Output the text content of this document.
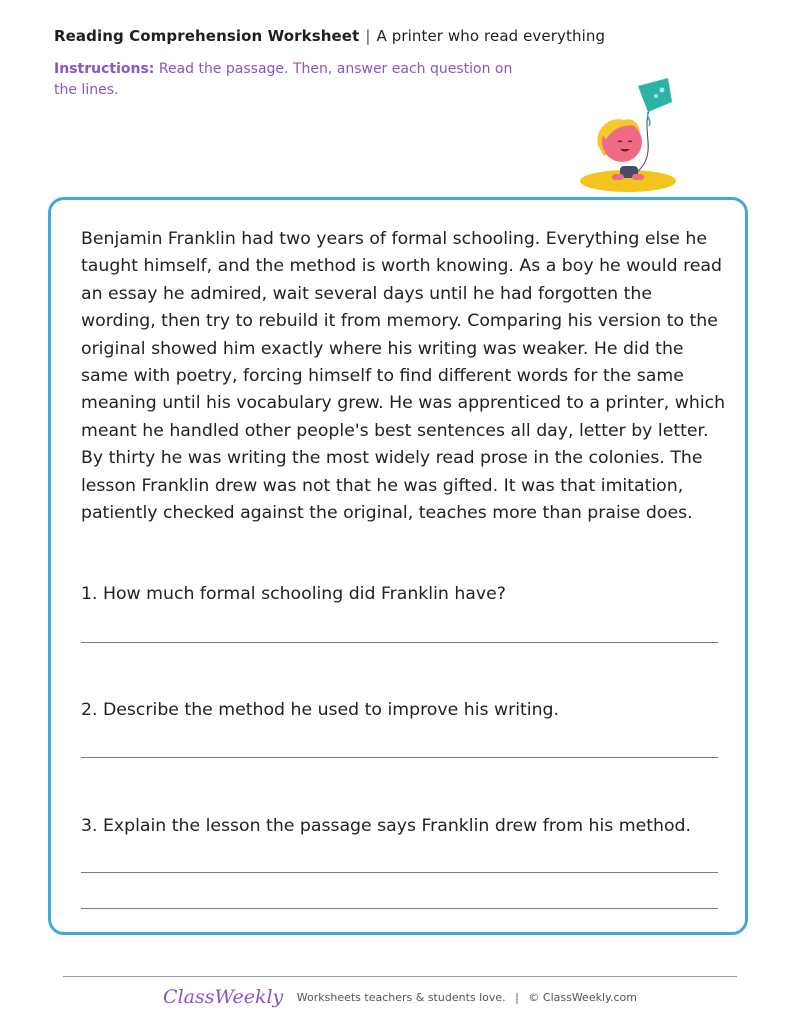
Reading Comprehension Worksheet | A printer who read everything
Instructions: Read the passage. Then, answer each question on the lines.
Benjamin Franklin had two years of formal schooling. Everything else he taught himself, and the method is worth knowing. As a boy he would read an essay he admired, wait several days until he had forgotten the wording, then try to rebuild it from memory. Comparing his version to the original showed him exactly where his writing was weaker. He did the same with poetry, forcing himself to find different words for the same meaning until his vocabulary grew. He was apprenticed to a printer, which meant he handled other people's best sentences all day, letter by letter. By thirty he was writing the most widely read prose in the colonies. The lesson Franklin drew was not that he was gifted. It was that imitation, patiently checked against the original, teaches more than praise does.
1. How much formal schooling did Franklin have?
2. Describe the method he used to improve his writing.
3. Explain the lesson the passage says Franklin drew from his method.
ClassWeekly Worksheets teachers & students love. | © ClassWeekly.com
